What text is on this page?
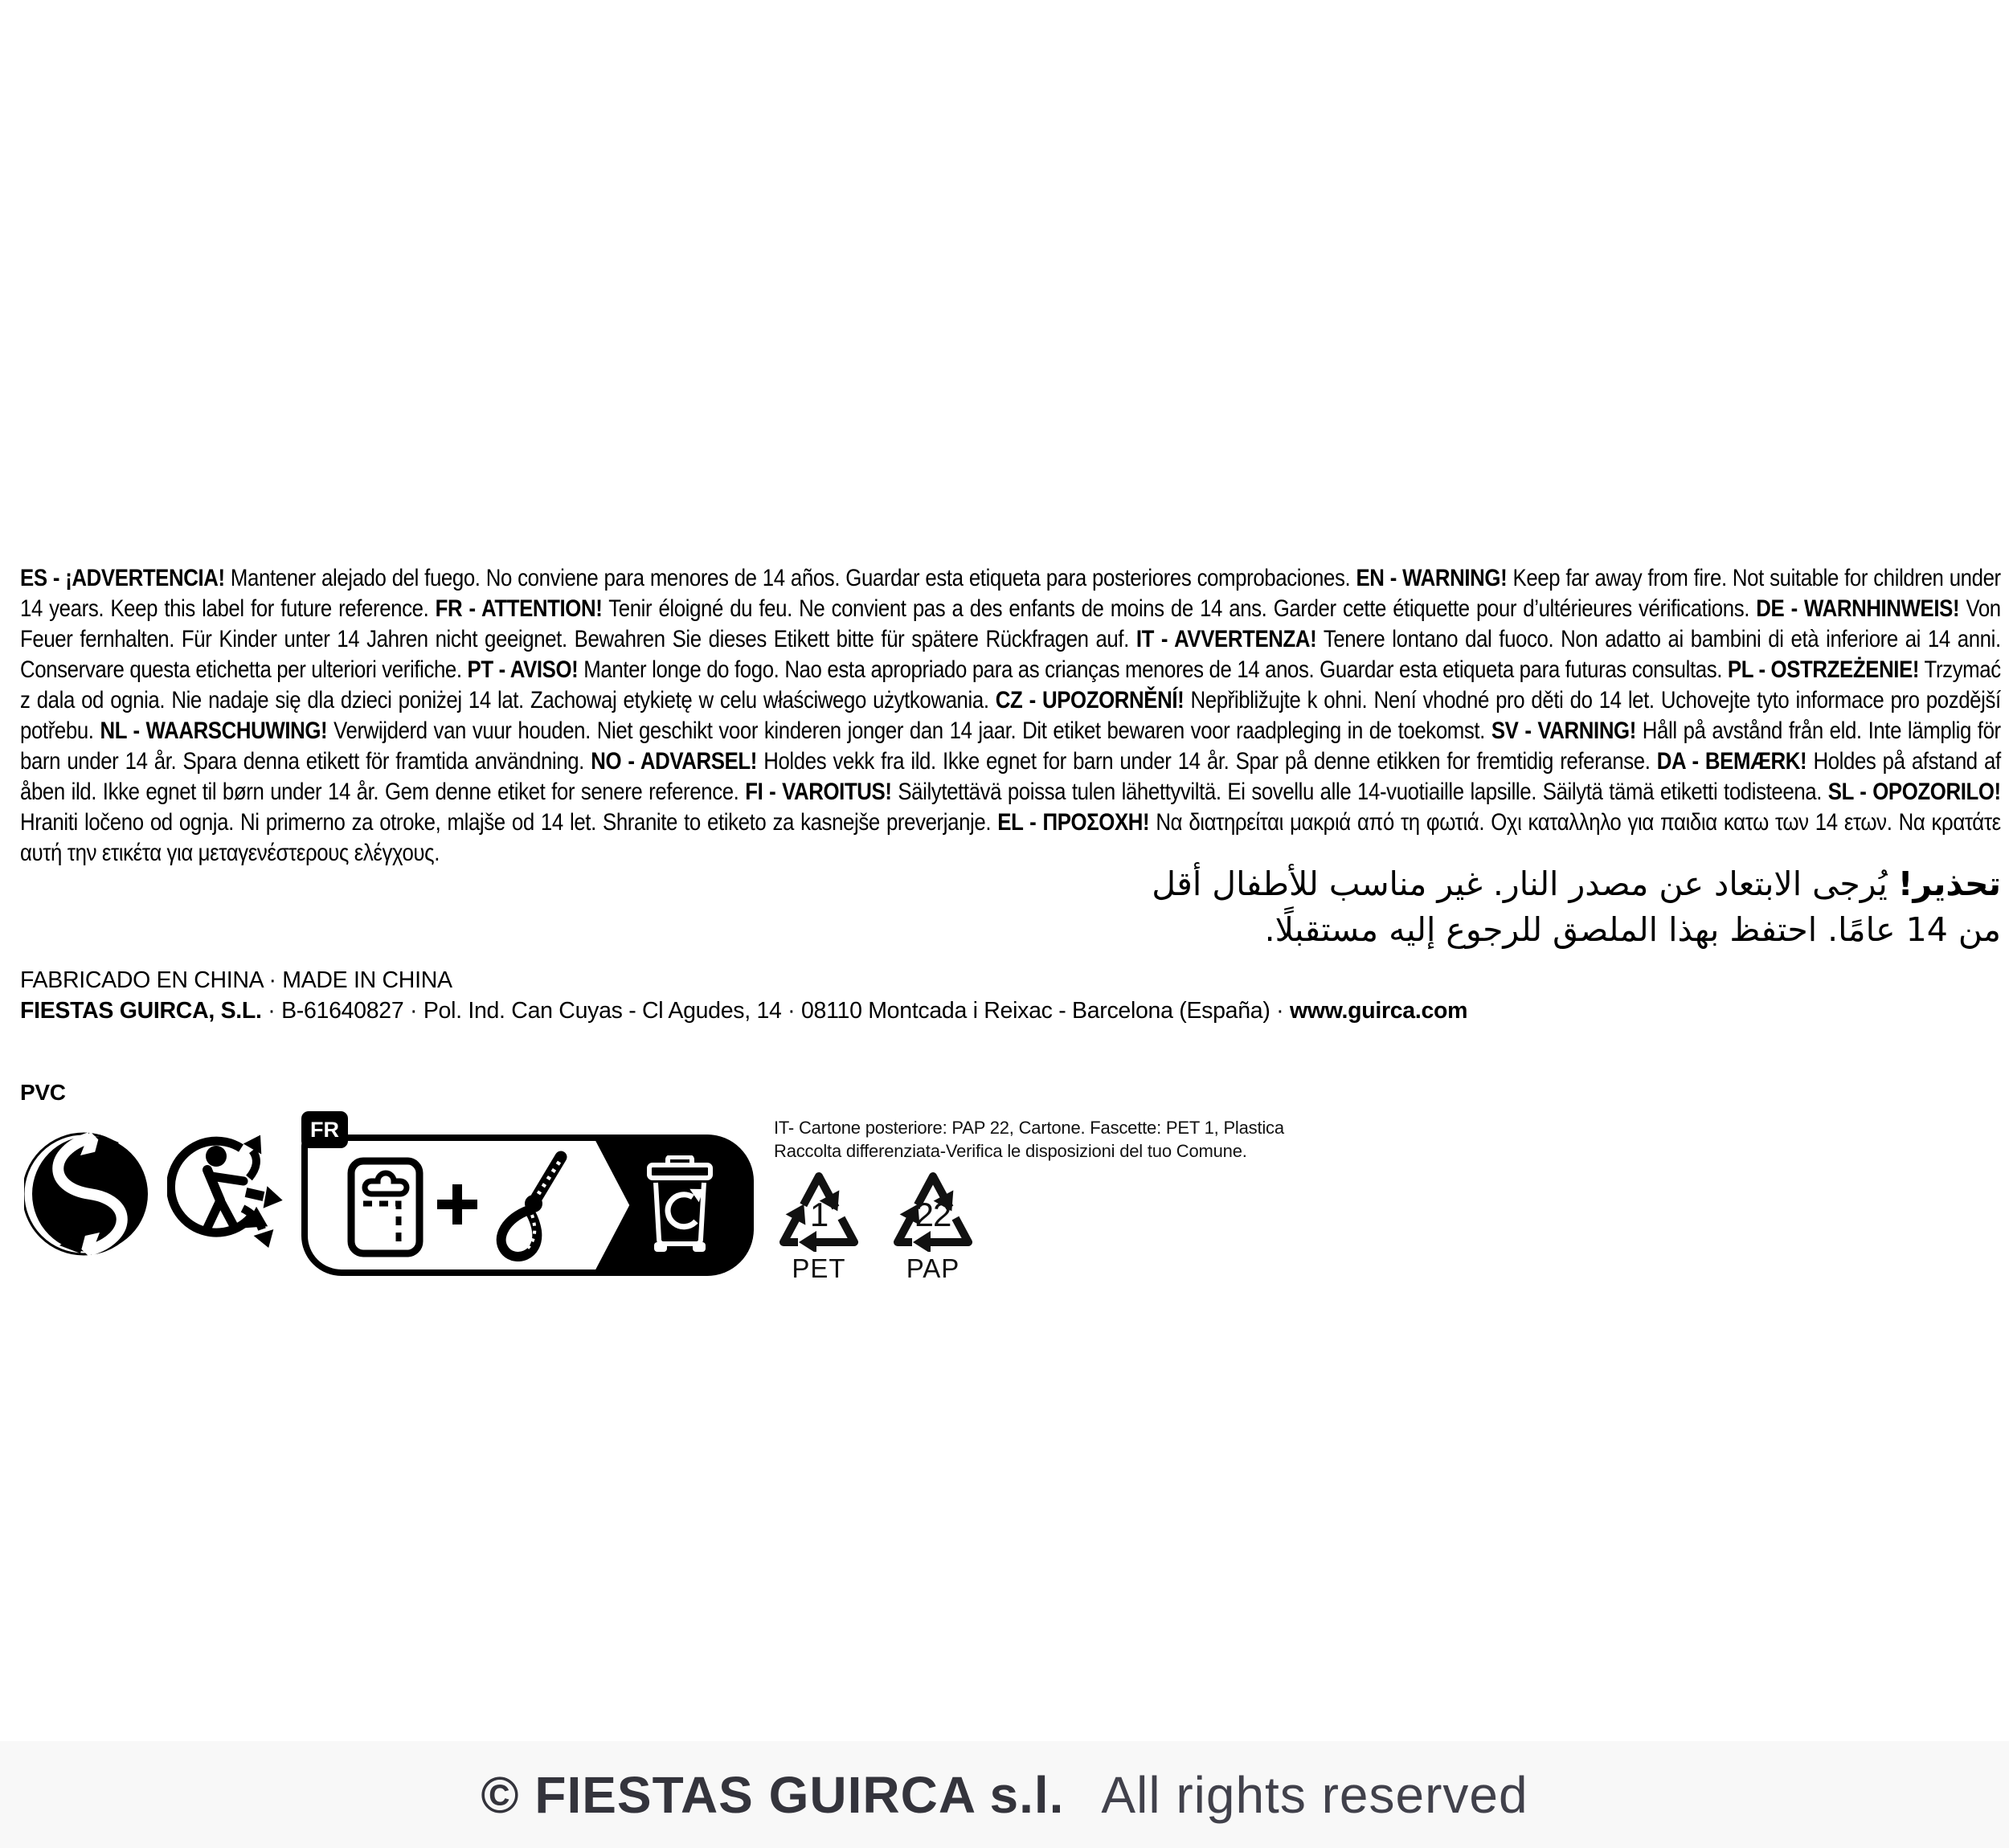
ES - ¡ADVERTENCIA! Mantener alejado del fuego. No conviene para menores de 14 años. Guardar esta etiqueta para posteriores comprobaciones. EN - WARNING! Keep far away from fire. Not suitable for children under 14 years. Keep this label for future reference. FR - ATTENTION! Tenir éloigné du feu. Ne convient pas a des enfants de moins de 14 ans. Garder cette étiquette pour d’ultérieures vérifications. DE - WARNHINWEIS! Von Feuer fernhalten. Für Kinder unter 14 Jahren nicht geeignet. Bewahren Sie dieses Etikett bitte für spätere Rückfragen auf. IT - AVVERTENZA! Tenere lontano dal fuoco. Non adatto ai bambini di età inferiore ai 14 anni. Conservare questa etichetta per ulteriori verifiche. PT - AVISO! Manter longe do fogo. Nao esta apropriado para as crianças menores de 14 anos. Guardar esta etiqueta para futuras consultas. PL - OSTRZEŻENIE! Trzymać z dala od ognia. Nie nadaje się dla dzieci poniżej 14 lat. Zachowaj etykietę w celu właściwego użytkowania. CZ - UPOZORNĚNÍ! Nepřibližujte k ohni. Není vhodné pro děti do 14 let. Uchovejte tyto informace pro pozdější potřebu. NL - WAARSCHUWING! Verwijderd van vuur houden. Niet geschikt voor kinderen jonger dan 14 jaar. Dit etiket bewaren voor raadpleging in de toekomst. SV - VARNING! Håll på avstånd från eld. Inte lämplig för barn under 14 år. Spara denna etikett för framtida användning. NO - ADVARSEL! Holdes vekk fra ild. Ikke egnet for barn under 14 år. Spar på denne etikken for fremtidig referanse. DA - BEMÆRK! Holdes på afstand af åben ild. Ikke egnet til børn under 14 år. Gem denne etiket for senere reference. FI - VAROITUS! Säilytettävä poissa tulen lähettyviltä. Ei sovellu alle 14-vuotiaille lapsille. Säilytä tämä etiketti todisteena. SL - OPOZORILO! Hraniti ločeno od ognja. Ni primerno za otroke, mlajše od 14 let. Shranite to etiketo za kasnejše preverjanje. EL - ΠΡΟΣΟΧΗ! Να διατηρείται μακριά από τη φωτιά. Οχι καταλληλο για παιδια κατω των 14 ετων. Να κρατάτε αυτή την ετικέτα για μεταγενέστερους ελέγχους.
تحذير! يُرجى الابتعاد عن مصدر النار. غير مناسب للأطفال أقل
من 14 عامًا. احتفظ بهذا الملصق للرجوع إليه مستقبلًا.
FABRICADO EN CHINA · MADE IN CHINA
FIESTAS GUIRCA, S.L. · B-61640827 · Pol. Ind. Can Cuyas - Cl Agudes, 14 · 08110 Montcada i Reixac - Barcelona (España) · www.guirca.com
PVC
FR	IT- Cartone posteriore: PAP 22, Cartone. Fascette: PET 1, Plastica
Raccolta differenziata-Verifica le disposizioni del tuo Comune.
1
PET
22
PAP
© FIESTAS GUIRCA s.l. All rights reserved
